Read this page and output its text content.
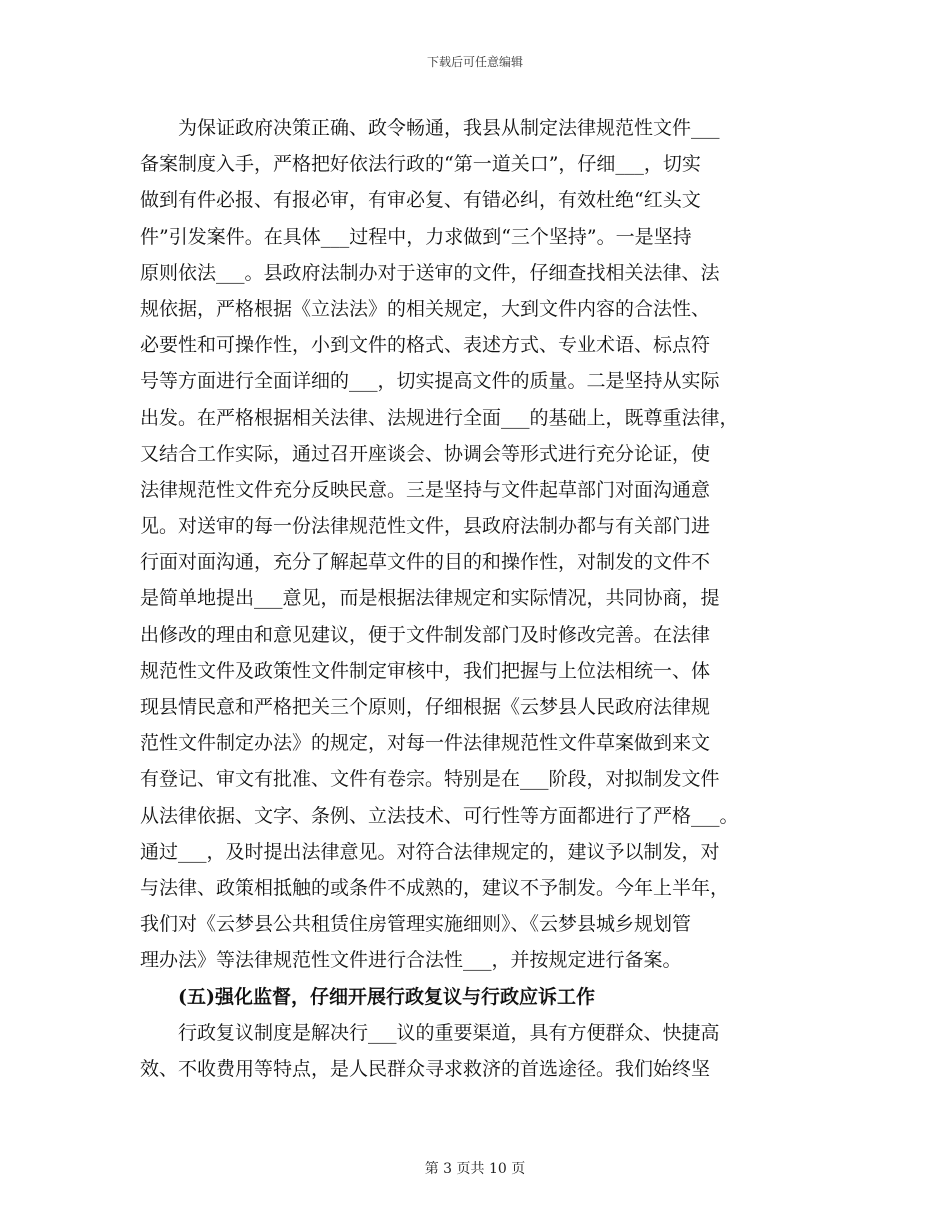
下载后可任意编辑
为保证政府决策正确、政令畅通，我县从制定法律规范性文件___
备案制度入手，严格把好依法行政的“第一道关口”，仔细___，切实
做到有件必报、有报必审，有审必复、有错必纠，有效杜绝“红头文
件”引发案件。在具体___过程中，力求做到“三个坚持”。一是坚持
原则依法___。县政府法制办对于送审的文件，仔细查找相关法律、法
规依据，严格根据《立法法》的相关规定，大到文件内容的合法性、
必要性和可操作性，小到文件的格式、表述方式、专业术语、标点符
号等方面进行全面详细的___，切实提高文件的质量。二是坚持从实际
出发。在严格根据相关法律、法规进行全面___的基础上，既尊重法律，
又结合工作实际，通过召开座谈会、协调会等形式进行充分论证，使
法律规范性文件充分反映民意。三是坚持与文件起草部门对面沟通意
见。对送审的每一份法律规范性文件，县政府法制办都与有关部门进
行面对面沟通，充分了解起草文件的目的和操作性，对制发的文件不
是简单地提出___意见，而是根据法律规定和实际情况，共同协商，提
出修改的理由和意见建议，便于文件制发部门及时修改完善。在法律
规范性文件及政策性文件制定审核中，我们把握与上位法相统一、体
现县情民意和严格把关三个原则，仔细根据《云梦县人民政府法律规
范性文件制定办法》的规定，对每一件法律规范性文件草案做到来文
有登记、审文有批准、文件有卷宗。特别是在___阶段，对拟制发文件
从法律依据、文字、条例、立法技术、可行性等方面都进行了严格___。
通过___，及时提出法律意见。对符合法律规定的，建议予以制发，对
与法律、政策相抵触的或条件不成熟的，建议不予制发。今年上半年，
我们对《云梦县公共租赁住房管理实施细则》、《云梦县城乡规划管
理办法》等法律规范性文件进行合法性___，并按规定进行备案。
(五)强化监督，仔细开展行政复议与行政应诉工作
行政复议制度是解决行___议的重要渠道，具有方便群众、快捷高
效、不收费用等特点，是人民群众寻求救济的首选途径。我们始终坚
第 3 页共 10 页
